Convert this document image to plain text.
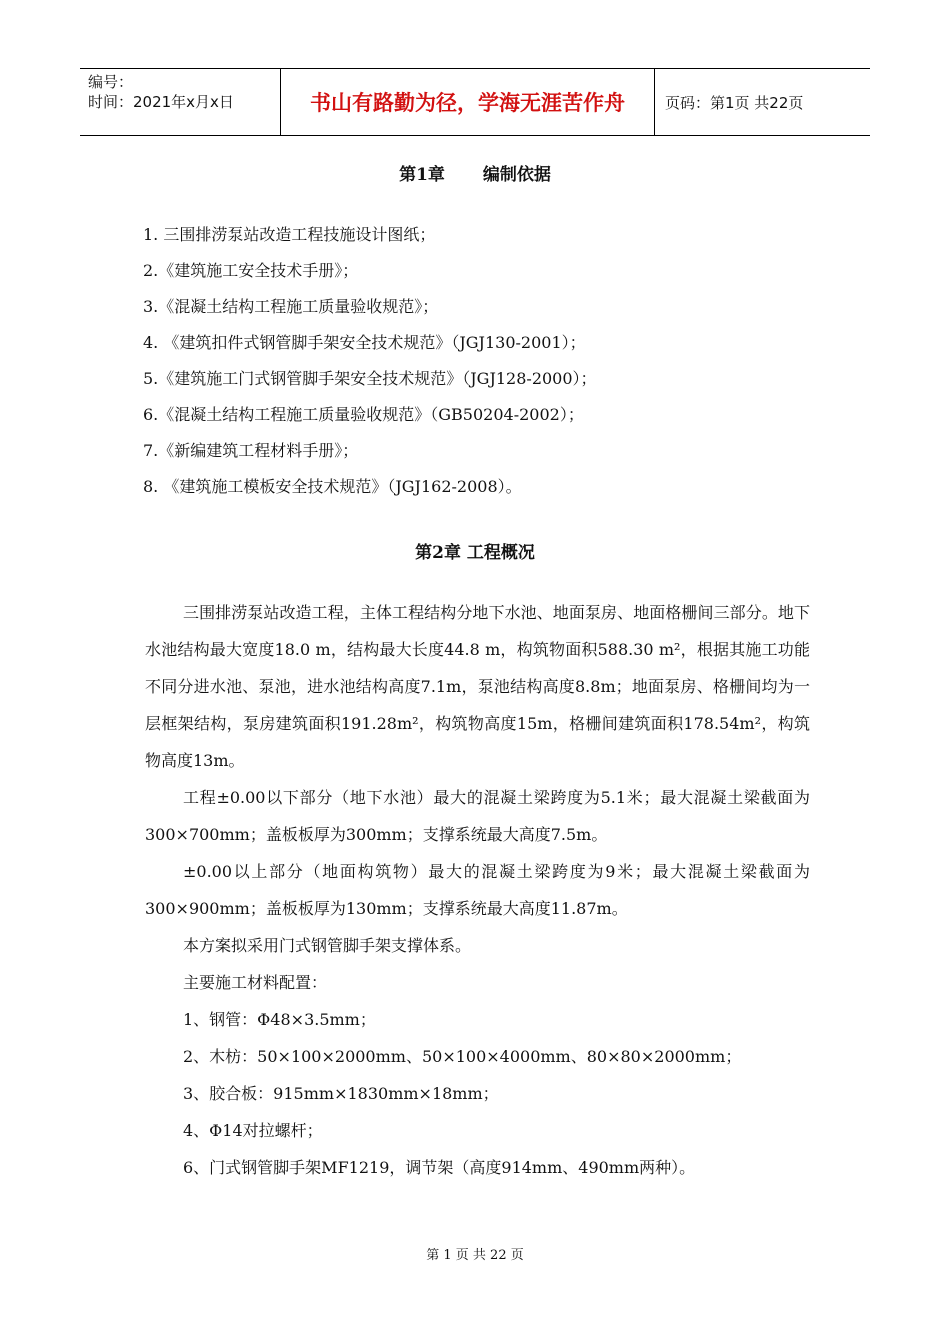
编号：
时间：2021年x月x日	书山有路勤为径，学海无涯苦作舟	页码：第1页 共22页
第1章 编制依据
1. 三围排涝泵站改造工程技施设计图纸；
2.《建筑施工安全技术手册》；
3.《混凝土结构工程施工质量验收规范》；
4. 《建筑扣件式钢管脚手架安全技术规范》（JGJ130-2001）；
5.《建筑施工门式钢管脚手架安全技术规范》（JGJ128-2000）；
6.《混凝土结构工程施工质量验收规范》（GB50204-2002）；
7.《新编建筑工程材料手册》；
8. 《建筑施工模板安全技术规范》（JGJ162-2008）。
第2章 工程概况

三围排涝泵站改造工程，主体工程结构分地下水池、地面泵房、地面格栅间三部分。地下水池结构最大宽度18.0 m，结构最大长度44.8 m，构筑物面积588.30 m²，根据其施工功能不同分进水池、泵池，进水池结构高度7.1m，泵池结构高度8.8m；地面泵房、格栅间均为一层框架结构，泵房建筑面积191.28m²，构筑物高度15m，格栅间建筑面积178.54m²，构筑物高度13m。

工程±0.00以下部分（地下水池）最大的混凝土梁跨度为5.1米；最大混凝土梁截面为300×700mm；盖板板厚为300mm；支撑系统最大高度7.5m。

±0.00以上部分（地面构筑物）最大的混凝土梁跨度为9米；最大混凝土梁截面为300×900mm；盖板板厚为130mm；支撑系统最大高度11.87m。

本方案拟采用门式钢管脚手架支撑体系。

主要施工材料配置：

1、钢管：Φ48×3.5mm；

2、木枋：50×100×2000mm、50×100×4000mm、80×80×2000mm；

3、胶合板：915mm×1830mm×18mm；

4、Φ14对拉螺杆；

6、门式钢管脚手架MF1219，调节架（高度914mm、490mm两种）。

第 1 页 共 22 页
